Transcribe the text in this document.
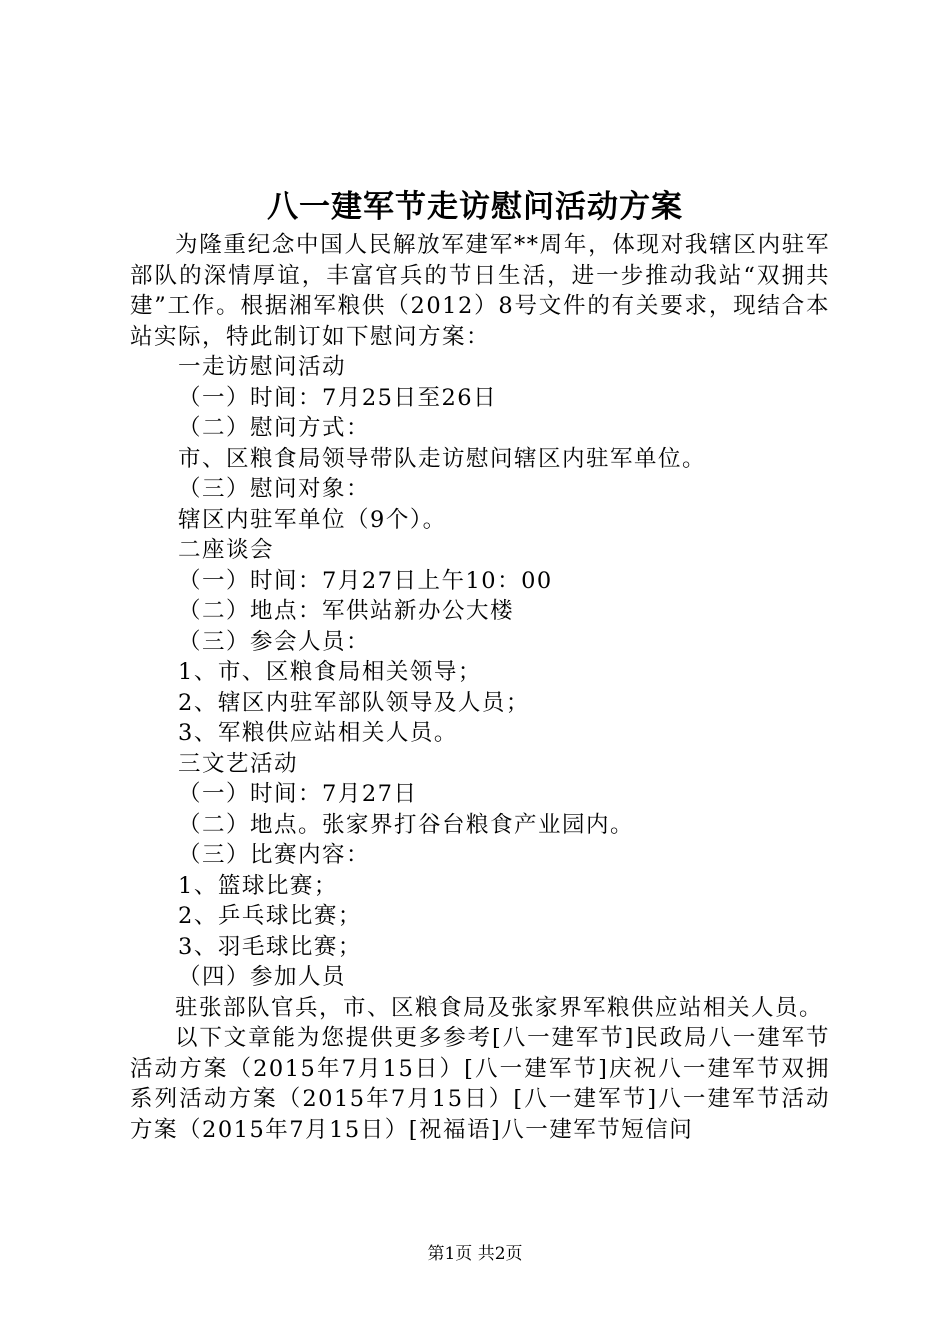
八一建军节走访慰问活动方案

为隆重纪念中国人民解放军建军**周年，体现对我辖区内驻军部队的深情厚谊，丰富官兵的节日生活，进一步推动我站“双拥共建”工作。根据湘军粮供（2012）8号文件的有关要求，现结合本站实际，特此制订如下慰问方案：

一走访慰问活动

（一）时间：7月25日至26日

（二）慰问方式：

市、区粮食局领导带队走访慰问辖区内驻军单位。

（三）慰问对象：

辖区内驻军单位（9个）。

二座谈会

（一）时间：7月27日上午10：00

（二）地点：军供站新办公大楼

（三）参会人员：

1、市、区粮食局相关领导；

2、辖区内驻军部队领导及人员；

3、军粮供应站相关人员。

三文艺活动

（一）时间：7月27日

（二）地点。张家界打谷台粮食产业园内。

（三）比赛内容：

1、篮球比赛；

2、乒乓球比赛；

3、羽毛球比赛；

（四）参加人员

驻张部队官兵，市、区粮食局及张家界军粮供应站相关人员。

以下文章能为您提供更多参考[八一建军节]民政局八一建军节活动方案（2015年7月15日）[八一建军节]庆祝八一建军节双拥系列活动方案（2015年7月15日）[八一建军节]八一建军节活动方案（2015年7月15日）[祝福语]八一建军节短信问

第1页 共2页
